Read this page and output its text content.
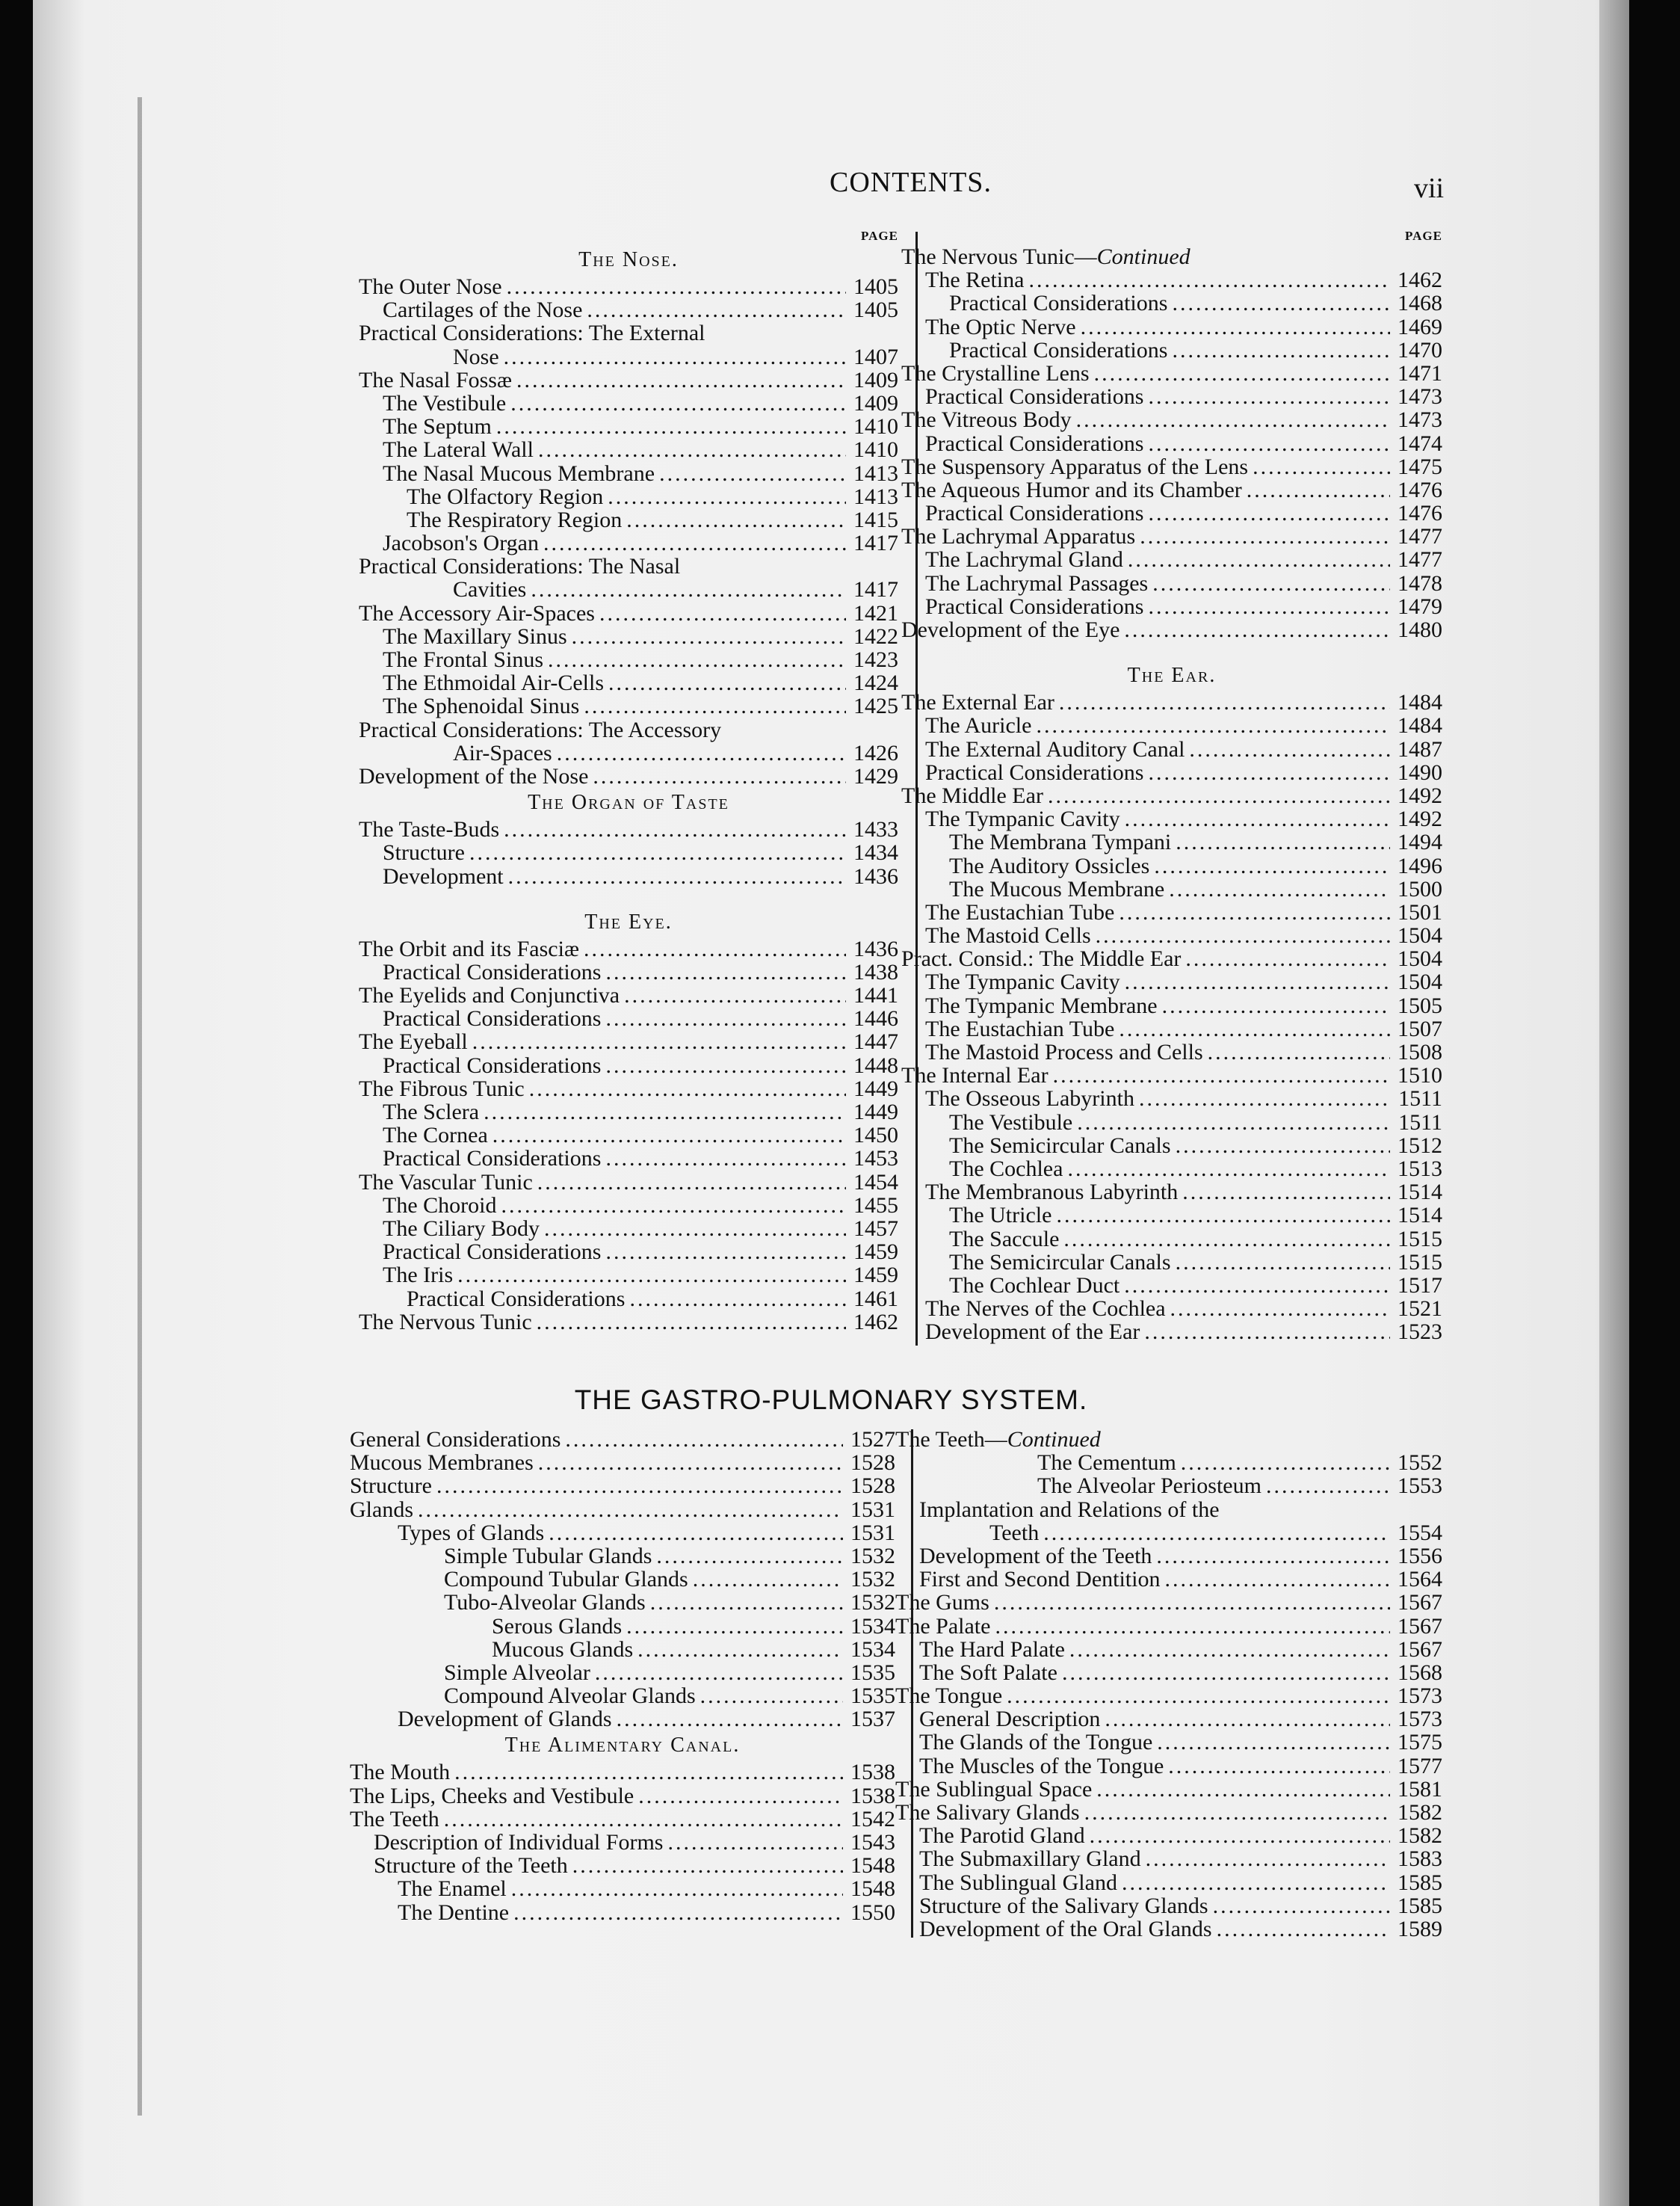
CONTENTS.	vii
PAGE
The Nose.
The Outer Nose .....	1405
Cartilages of the Nose .....	1405
Practical Considerations: The External
Nose .....	1407
The Nasal Fossæ .....	1409
The Vestibule .....	1409
The Septum .....	1410
The Lateral Wall .....	1410
The Nasal Mucous Membrane .....	1413
The Olfactory Region .....	1413
The Respiratory Region .....	1415
Jacobson's Organ .....	1417
Practical Considerations: The Nasal
Cavities .....	1417
The Accessory Air-Spaces .....	1421
The Maxillary Sinus .....	1422
The Frontal Sinus .....	1423
The Ethmoidal Air-Cells .....	1424
The Sphenoidal Sinus .....	1425
Practical Considerations: The Accessory
Air-Spaces .....	1426
Development of the Nose .....	1429
The Organ of Taste
The Taste-Buds .....	1433
Structure .....	1434
Development .....	1436
The Eye.
The Orbit and its Fasciæ .....	1436
Practical Considerations .....	1438
The Eyelids and Conjunctiva .....	1441
Practical Considerations .....	1446
The Eyeball .....	1447
Practical Considerations .....	1448
The Fibrous Tunic .....	1449
The Sclera .....	1449
The Cornea .....	1450
Practical Considerations .....	1453
The Vascular Tunic .....	1454
The Choroid .....	1455
The Ciliary Body .....	1457
Practical Considerations .....	1459
The Iris .....	1459
Practical Considerations .....	1461
The Nervous Tunic .....	1462
PAGE
The Nervous Tunic—Continued
The Retina .....	1462
Practical Considerations .....	1468
The Optic Nerve .....	1469
Practical Considerations .....	1470
The Crystalline Lens .....	1471
Practical Considerations .....	1473
The Vitreous Body .....	1473
Practical Considerations .....	1474
The Suspensory Apparatus of the Lens .....	1475
The Aqueous Humor and its Chamber .....	1476
Practical Considerations .....	1476
The Lachrymal Apparatus .....	1477
The Lachrymal Gland .....	1477
The Lachrymal Passages .....	1478
Practical Considerations .....	1479
Development of the Eye .....	1480
The Ear.
The External Ear .....	1484
The Auricle .....	1484
The External Auditory Canal .....	1487
Practical Considerations .....	1490
The Middle Ear .....	1492
The Tympanic Cavity .....	1492
The Membrana Tympani .....	1494
The Auditory Ossicles .....	1496
The Mucous Membrane .....	1500
The Eustachian Tube .....	1501
The Mastoid Cells .....	1504
Pract. Consid.: The Middle Ear .....	1504
The Tympanic Cavity .....	1504
The Tympanic Membrane .....	1505
The Eustachian Tube .....	1507
The Mastoid Process and Cells .....	1508
The Internal Ear .....	1510
The Osseous Labyrinth .....	1511
The Vestibule .....	1511
The Semicircular Canals .....	1512
The Cochlea .....	1513
The Membranous Labyrinth .....	1514
The Utricle .....	1514
The Saccule .....	1515
The Semicircular Canals .....	1515
The Cochlear Duct .....	1517
The Nerves of the Cochlea .....	1521
Development of the Ear .....	1523
THE GASTRO-PULMONARY SYSTEM.
General Considerations .....	1527
Mucous Membranes .....	1528
Structure .....	1528
Glands .....	1531
Types of Glands .....	1531
Simple Tubular Glands .....	1532
Compound Tubular Glands .....	1532
Tubo-Alveolar Glands .....	1532
Serous Glands .....	1534
Mucous Glands .....	1534
Simple Alveolar .....	1535
Compound Alveolar Glands .....	1535
Development of Glands .....	1537
The Alimentary Canal.
The Mouth .....	1538
The Lips, Cheeks and Vestibule .....	1538
The Teeth .....	1542
Description of Individual Forms .....	1543
Structure of the Teeth .....	1548
The Enamel .....	1548
The Dentine .....	1550
The Teeth—Continued
The Cementum .....	1552
The Alveolar Periosteum .....	1553
Implantation and Relations of the
Teeth .....	1554
Development of the Teeth .....	1556
First and Second Dentition .....	1564
The Gums .....	1567
The Palate .....	1567
The Hard Palate .....	1567
The Soft Palate .....	1568
The Tongue .....	1573
General Description .....	1573
The Glands of the Tongue .....	1575
The Muscles of the Tongue .....	1577
The Sublingual Space .....	1581
The Salivary Glands .....	1582
The Parotid Gland .....	1582
The Submaxillary Gland .....	1583
The Sublingual Gland .....	1585
Structure of the Salivary Glands .....	1585
Development of the Oral Glands .....	1589
